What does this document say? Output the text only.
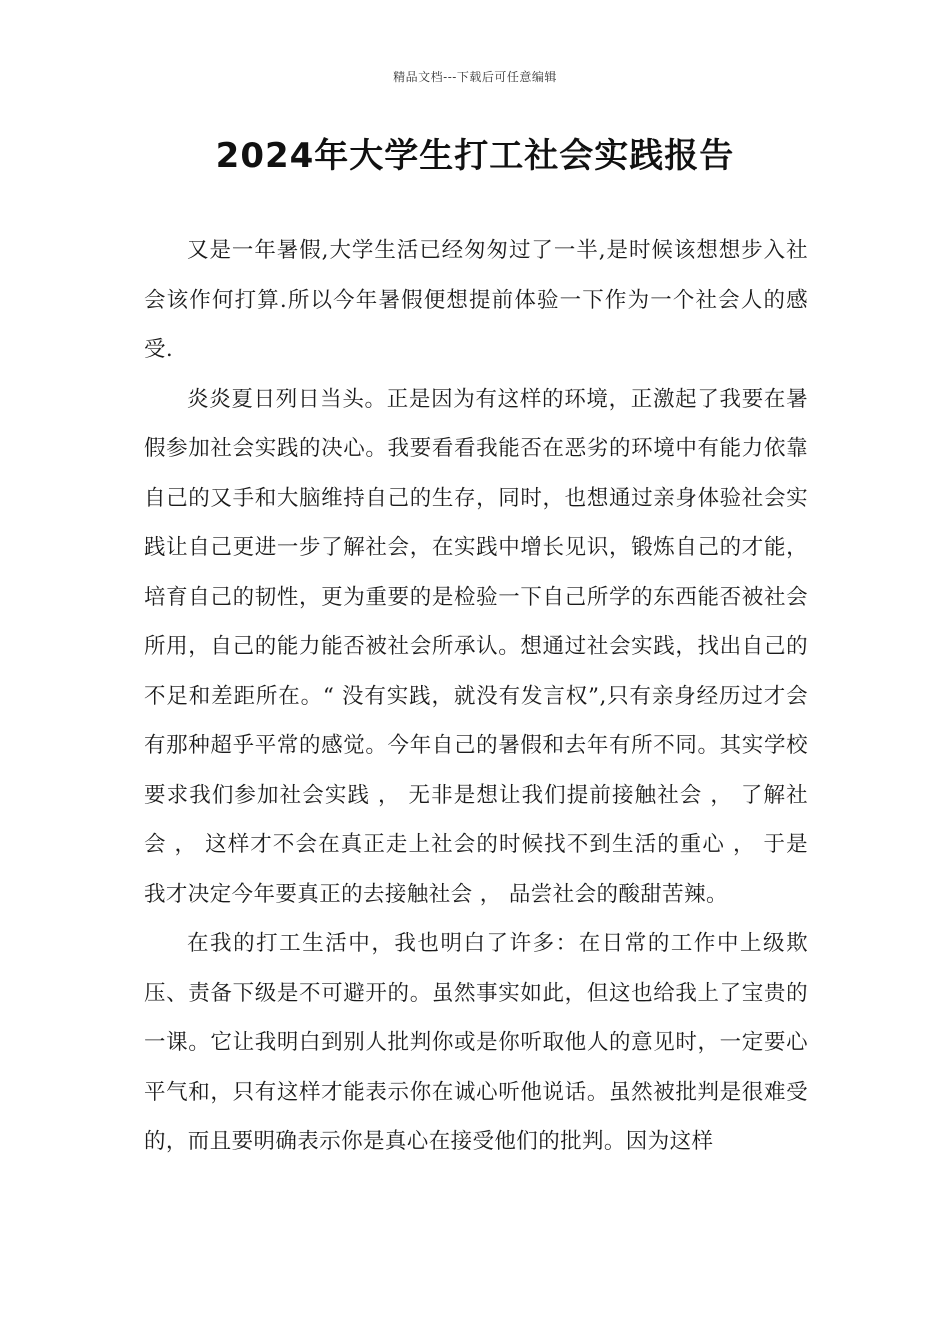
精品文档---下载后可任意编辑
2024年大学生打工社会实践报告

又是一年暑假,大学生活已经匆匆过了一半,是时候该想想步入社会该作何打算.所以今年暑假便想提前体验一下作为一个社会人的感受.

炎炎夏日列日当头。正是因为有这样的环境，正激起了我要在暑假参加社会实践的决心。我要看看我能否在恶劣的环境中有能力依靠自己的又手和大脑维持自己的生存，同时，也想通过亲身体验社会实践让自己更进一步了解社会，在实践中增长见识，锻炼自己的才能，培育自己的韧性，更为重要的是检验一下自己所学的东西能否被社会所用，自己的能力能否被社会所承认。想通过社会实践，找出自己的不足和差距所在。“ 没有实践，就没有发言权”,只有亲身经历过才会有那种超乎平常的感觉。今年自己的暑假和去年有所不同。其实学校要求我们参加社会实践 ， 无非是想让我们提前接触社会 ， 了解社会 ， 这样才不会在真正走上社会的时候找不到生活的重心 ， 于是我才决定今年要真正的去接触社会 ， 品尝社会的酸甜苦辣。

在我的打工生活中，我也明白了许多：在日常的工作中上级欺压、责备下级是不可避开的。虽然事实如此，但这也给我上了宝贵的一课。它让我明白到别人批判你或是你听取他人的意见时，一定要心平气和，只有这样才能表示你在诚心听他说话。虽然被批判是很难受的，而且要明确表示你是真心在接受他们的批判。因为这样
